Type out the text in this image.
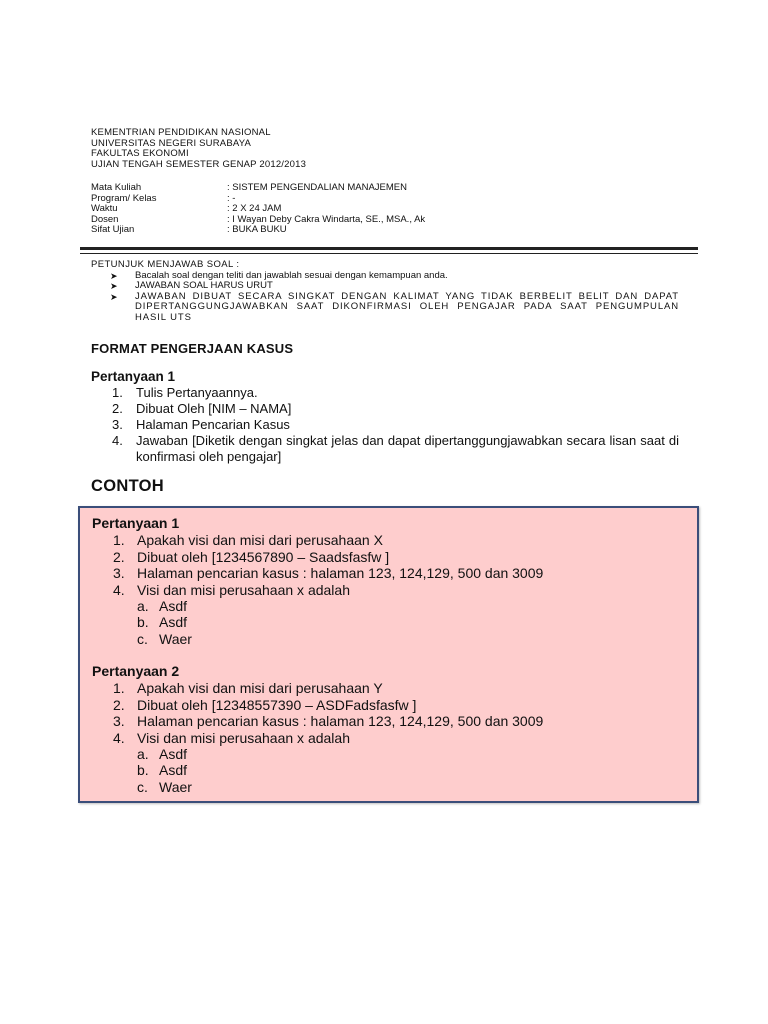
KEMENTRIAN PENDIDIKAN NASIONAL
UNIVERSITAS NEGERI SURABAYA
FAKULTAS EKONOMI
UJIAN TENGAH SEMESTER GENAP 2012/2013
Mata Kuliah	: SISTEM PENGENDALIAN MANAJEMEN
Program/ Kelas	: -
Waktu	: 2 X 24 JAM
Dosen	: I Wayan Deby Cakra Windarta, SE., MSA., Ak
Sifat Ujian	: BUKA BUKU
PETUNJUK MENJAWAB SOAL :
➤ Bacalah soal dengan teliti dan jawablah sesuai dengan kemampuan anda.
➤ JAWABAN SOAL HARUS URUT
➤ JAWABAN DIBUAT SECARA SINGKAT DENGAN KALIMAT YANG TIDAK BERBELIT BELIT DAN DAPAT DIPERTANGGUNGJAWABKAN SAAT DIKONFIRMASI OLEH PENGAJAR PADA SAAT PENGUMPULAN HASIL UTS
FORMAT PENGERJAAN KASUS
Pertanyaan 1
1. Tulis Pertanyaannya.
2. Dibuat Oleh [NIM – NAMA]
3. Halaman Pencarian Kasus
4. Jawaban [Diketik dengan singkat jelas dan dapat dipertanggungjawabkan secara lisan saat di konfirmasi oleh pengajar]
CONTOH
Pertanyaan 1
1. Apakah visi dan misi dari perusahaan X
2. Dibuat oleh [1234567890 – Saadsfasfw ]
3. Halaman pencarian kasus : halaman 123, 124,129, 500 dan 3009
4. Visi dan misi perusahaan x adalah
a. Asdf
b. Asdf
c. Waer
Pertanyaan 2
1. Apakah visi dan misi dari perusahaan Y
2. Dibuat oleh [12348557390 – ASDFadsfasfw ]
3. Halaman pencarian kasus : halaman 123, 124,129, 500 dan 3009
4. Visi dan misi perusahaan x adalah
a. Asdf
b. Asdf
c. Waer
